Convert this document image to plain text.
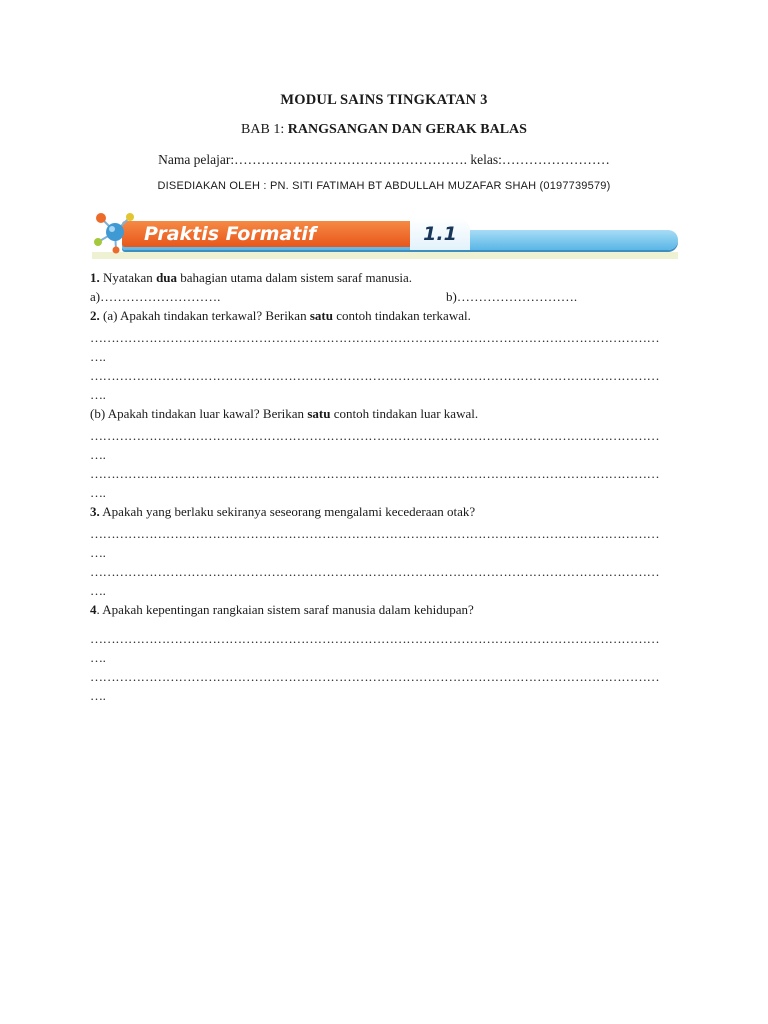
MODUL SAINS TINGKATAN 3
BAB 1: RANGSANGAN DAN GERAK BALAS
Nama pelajar:……………………………………………. kelas:……………………
DISEDIAKAN OLEH : PN. SITI FATIMAH BT ABDULLAH MUZAFAR SHAH (0197739579)
Praktis Formatif	1.1

1. Nyatakan dua bahagian utama dalam sistem saraf manusia.

a)……………………….	b)……………………….

2. (a) Apakah tindakan terkawal? Berikan satu contoh tindakan terkawal.

………………………………………………………………………………………………………………………

….

………………………………………………………………………………………………………………………

….

(b) Apakah tindakan luar kawal? Berikan satu contoh tindakan luar kawal.

………………………………………………………………………………………………………………………

….

………………………………………………………………………………………………………………………

….

3. Apakah yang berlaku sekiranya seseorang mengalami kecederaan otak?

………………………………………………………………………………………………………………………

….

………………………………………………………………………………………………………………………

….

4. Apakah kepentingan rangkaian sistem saraf manusia dalam kehidupan?

………………………………………………………………………………………………………………………

….

………………………………………………………………………………………………………………………

….
